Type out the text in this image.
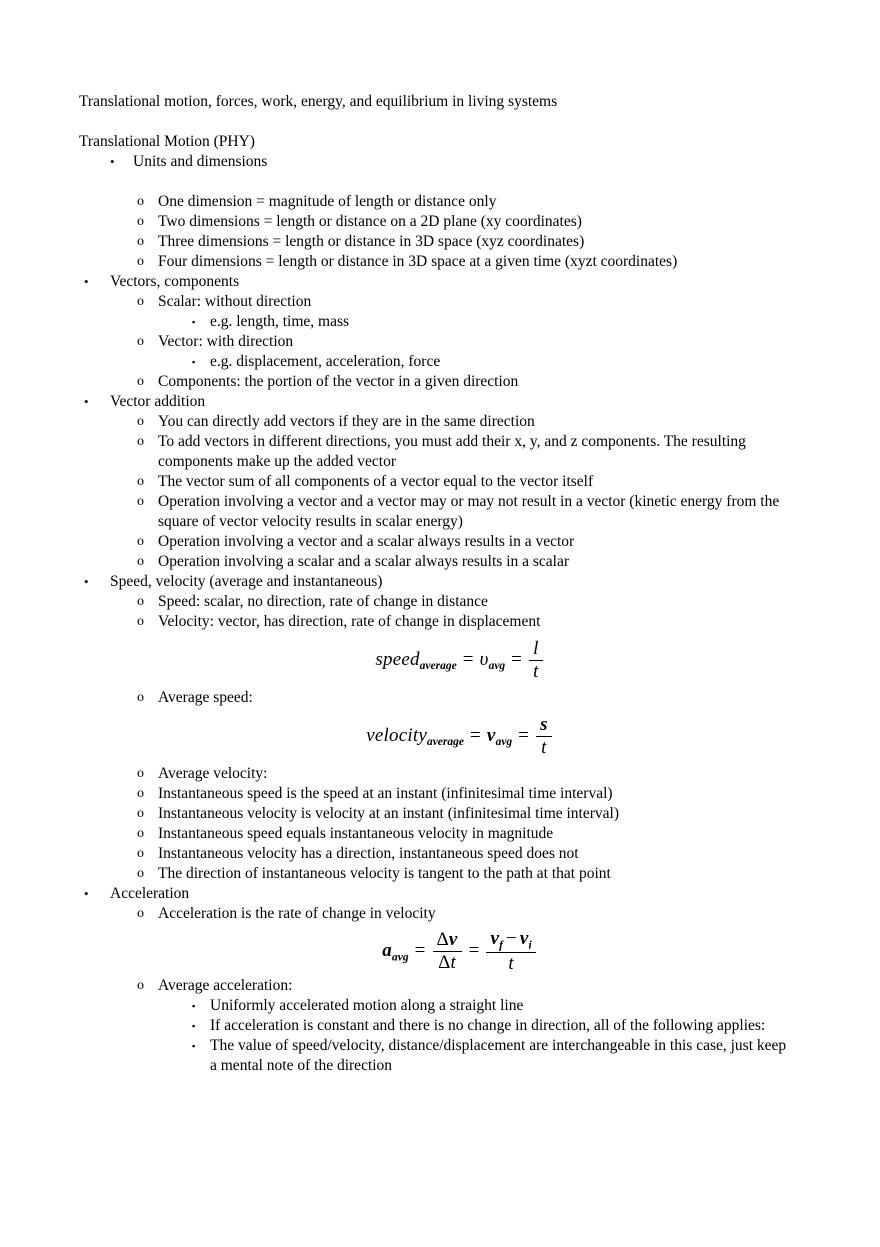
Translational motion, forces, work, energy, and equilibrium in living systems

Translational Motion (PHY)

• Units and dimensions
o One dimension = magnitude of length or distance only
o Two dimensions = length or distance on a 2D plane (xy coordinates)
o Three dimensions = length or distance in 3D space (xyz coordinates)
o Four dimensions = length or distance in 3D space at a given time (xyzt coordinates)
• Vectors, components
o Scalar: without direction
▪ e.g. length, time, mass
o Vector: with direction
▪ e.g. displacement, acceleration, force
o Components: the portion of the vector in a given direction
• Vector addition
o You can directly add vectors if they are in the same direction
o To add vectors in different directions, you must add their x, y, and z components. The resulting components make up the added vector
o The vector sum of all components of a vector equal to the vector itself
o Operation involving a vector and a vector may or may not result in a vector (kinetic energy from the square of vector velocity results in scalar energy)
o Operation involving a vector and a scalar always results in a vector
o Operation involving a scalar and a scalar always results in a scalar
• Speed, velocity (average and instantaneous)
o Speed: scalar, no direction, rate of change in distance
o Velocity: vector, has direction, rate of change in displacement
speed$_{average}$ = $\upsilon_{avg} = \frac{l}{t}$
o Average speed:
velocity$_{average}$ = $v_{avg} = \frac{s}{t}$
o Average velocity:
o Instantaneous speed is the speed at an instant (infinitesimal time interval)
o Instantaneous velocity is velocity at an instant (infinitesimal time interval)
o Instantaneous speed equals instantaneous velocity in magnitude
o Instantaneous velocity has a direction, instantaneous speed does not
o The direction of instantaneous velocity is tangent to the path at that point
• Acceleration
o Acceleration is the rate of change in velocity
$a_{avg} = \frac{\Delta v}{\Delta t} = \frac{v_f - v_i}{t}$
o Average acceleration:
▪ Uniformly accelerated motion along a straight line
▪ If acceleration is constant and there is no change in direction, all of the following applies:
▪ The value of speed/velocity, distance/displacement are interchangeable in this case, just keep a mental note of the direction
